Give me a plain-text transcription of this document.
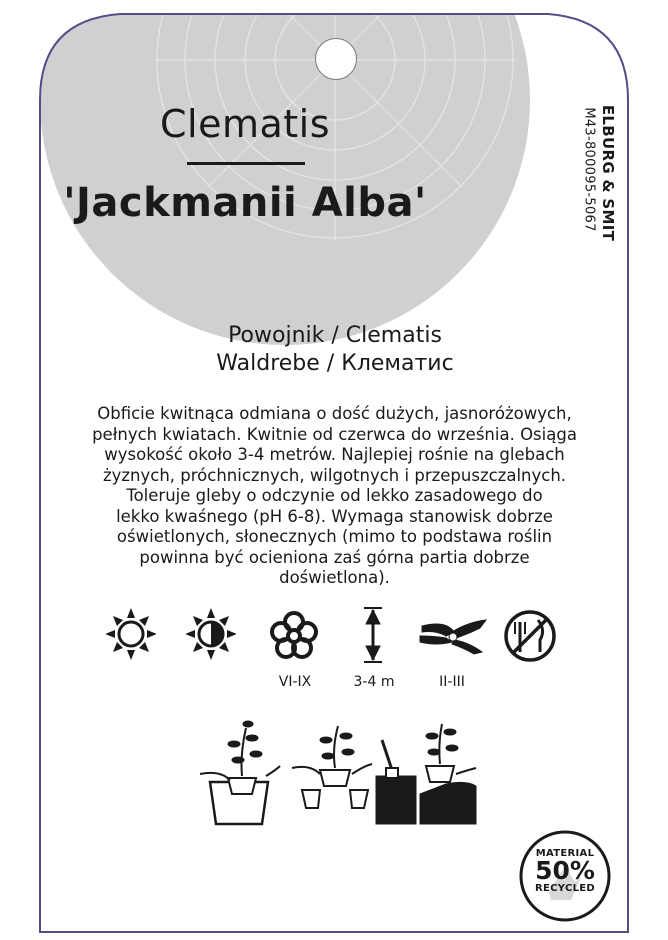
Clematis
'Jackmanii Alba'	ELBURG & SMIT
M43-800095-5067
Powojnik / Clematis
Waldrebe / Клематис
Obficie kwitnąca odmiana o dość dużych, jasnoróżowych,
pełnych kwiatach. Kwitnie od czerwca do września. Osiąga
wysokość około 3-4 metrów. Najlepiej rośnie na glebach
żyznych, próchnicznych, wilgotnych i przepuszczalnych.
Toleruje gleby o odczynie od lekko zasadowego do
lekko kwaśnego (pH 6-8). Wymaga stanowisk dobrze
oświetlonych, słonecznych (mimo to podstawa roślin
powinna być ocieniona zaś górna partia dobrze
doświetlona).
VI-IX	3-4 m	II-III
MATERIAL
50%
RECYCLED
